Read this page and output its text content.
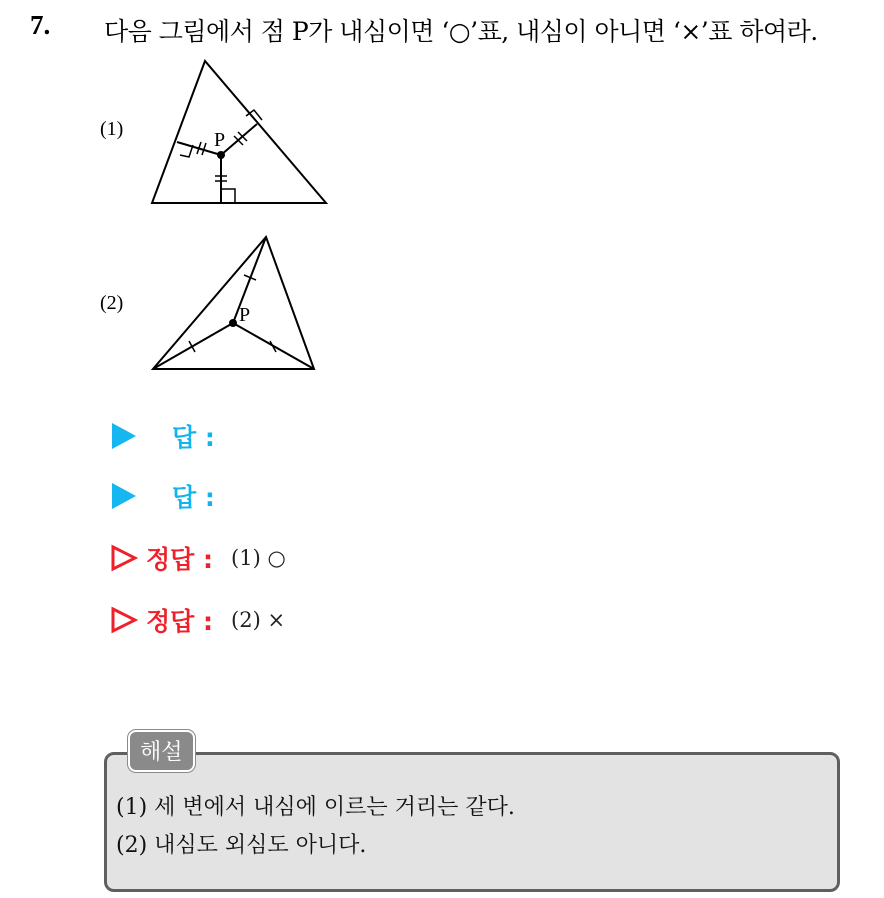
7. 다음 그림에서 점 P가 내심이면 ‘○’표, 내심이 아니면 ‘×’표 하여라.
(1)	P
(2)
P
답 :
답 :
정답 : (1) ○
정답 : (2) ×
해설
(1) 세 변에서 내심에 이르는 거리는 같다.
(2) 내심도 외심도 아니다.
